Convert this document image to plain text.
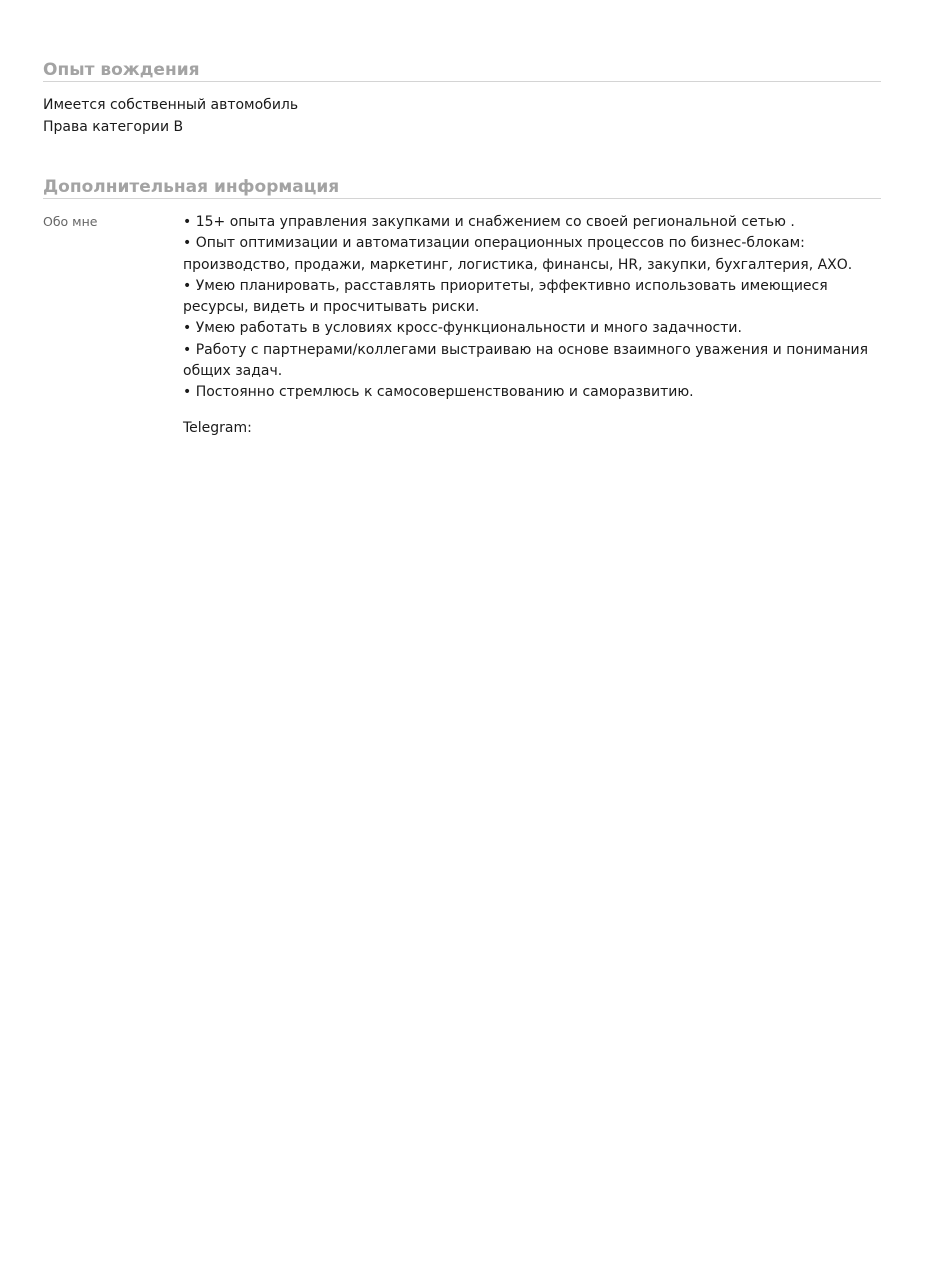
Опыт вождения
Имеется собственный автомобиль
Права категории B
Дополнительная информация
Обо мне	• 15+ опыта управления закупками и снабжением со своей региональной сетью .
• Опыт оптимизации и автоматизации операционных процессов по бизнес-блокам: производство, продажи, маркетинг, логистика, финансы, HR, закупки, бухгалтерия, АХО.
• Умею планировать, расставлять приоритеты, эффективно использовать имеющиеся ресурсы, видеть и просчитывать риски.
• Умею работать в условиях кросс-функциональности и много задачности.
• Работу с партнерами/коллегами выстраиваю на основе взаимного уважения и понимания общих задач.
• Постоянно стремлюсь к самосовершенствованию и саморазвитию.
Telegram:
